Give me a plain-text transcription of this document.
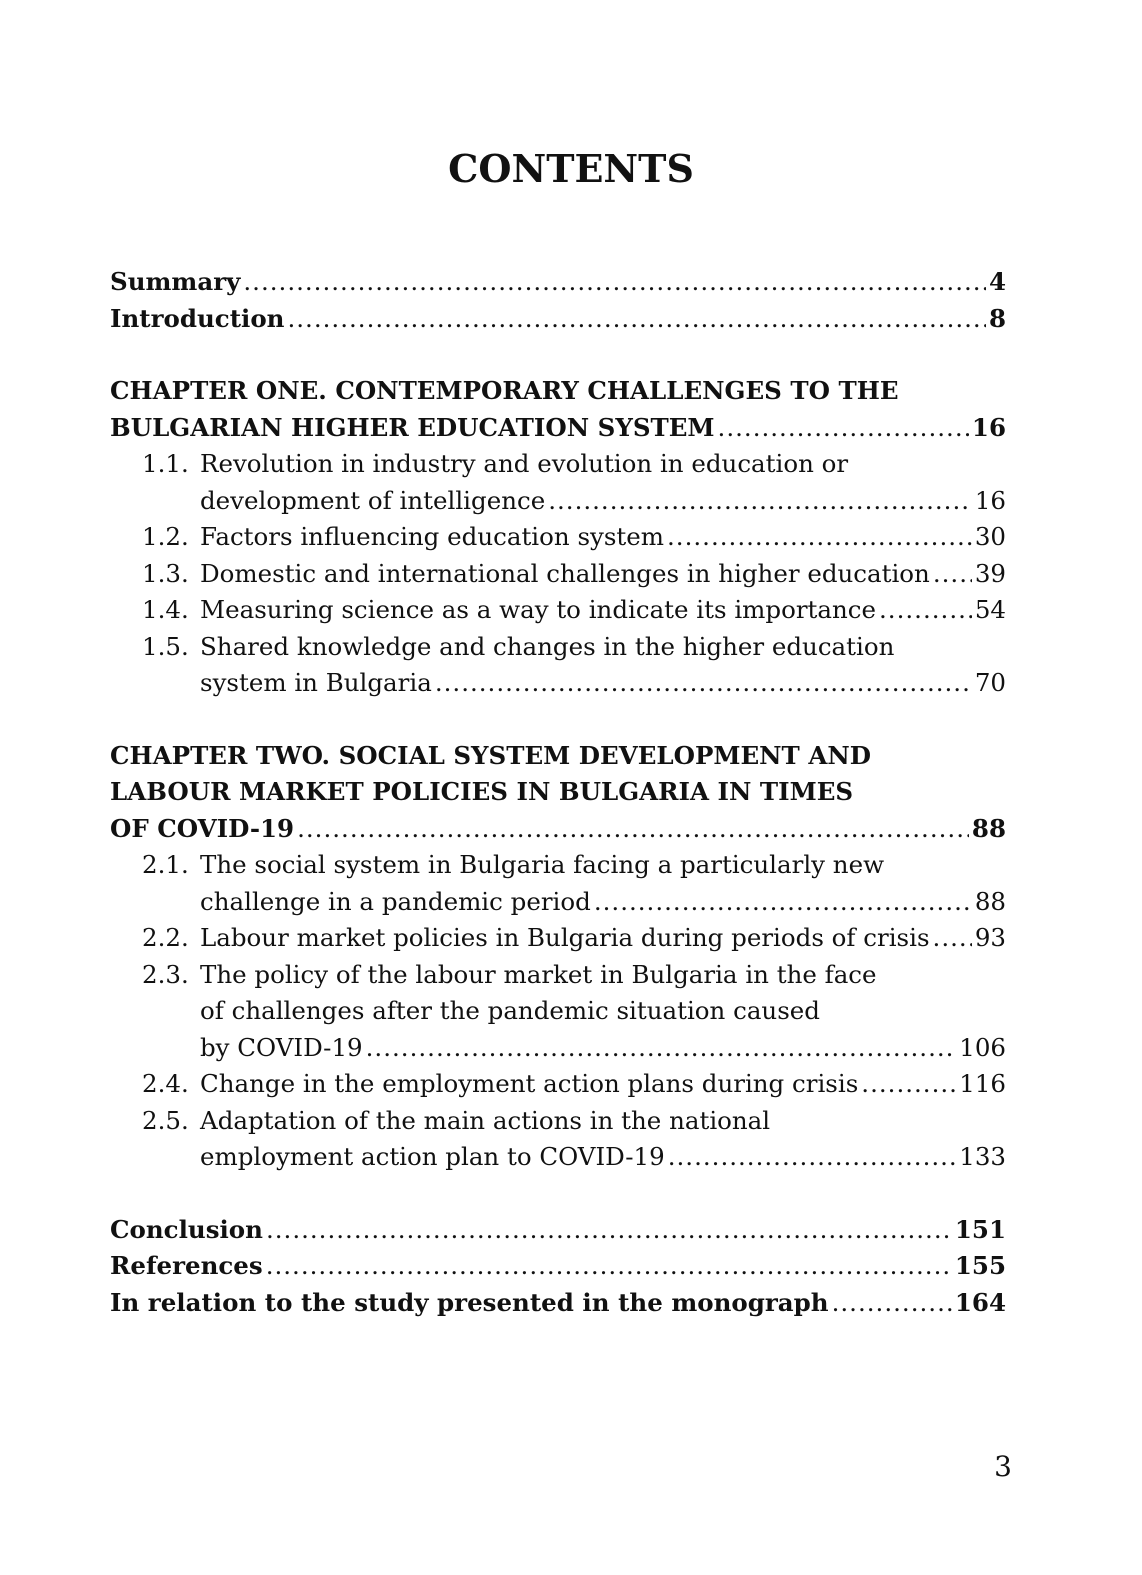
CONTENTS
Summary .....	4
Introduction .....	8
CHAPTER ONE. CONTEMPORARY CHALLENGES TO THE
BULGARIAN HIGHER EDUCATION SYSTEM .....	16
1.1. Revolution in industry and evolution in education or
development of intelligence .....	16
1.2. Factors influencing education system .....	30
1.3. Domestic and international challenges in higher education ..... 39
1.4. Measuring science as a way to indicate its importance .....	54
1.5. Shared knowledge and changes in the higher education
system in Bulgaria .....	70
CHAPTER TWO. SOCIAL SYSTEM DEVELOPMENT AND
LABOUR MARKET POLICIES IN BULGARIA IN TIMES
OF COVID-19 .....	88
2.1. The social system in Bulgaria facing a particularly new
challenge in a pandemic period .....	88
2.2. Labour market policies in Bulgaria during periods of crisis ..... 93
2.3. The policy of the labour market in Bulgaria in the face
of challenges after the pandemic situation caused
by COVID-19 .....	106
2.4. Change in the employment action plans during crisis .....	116
2.5. Adaptation of the main actions in the national
employment action plan to COVID-19 .....	133
Conclusion .....	151
References .....	155
In relation to the study presented in the monograph .....	164
3
